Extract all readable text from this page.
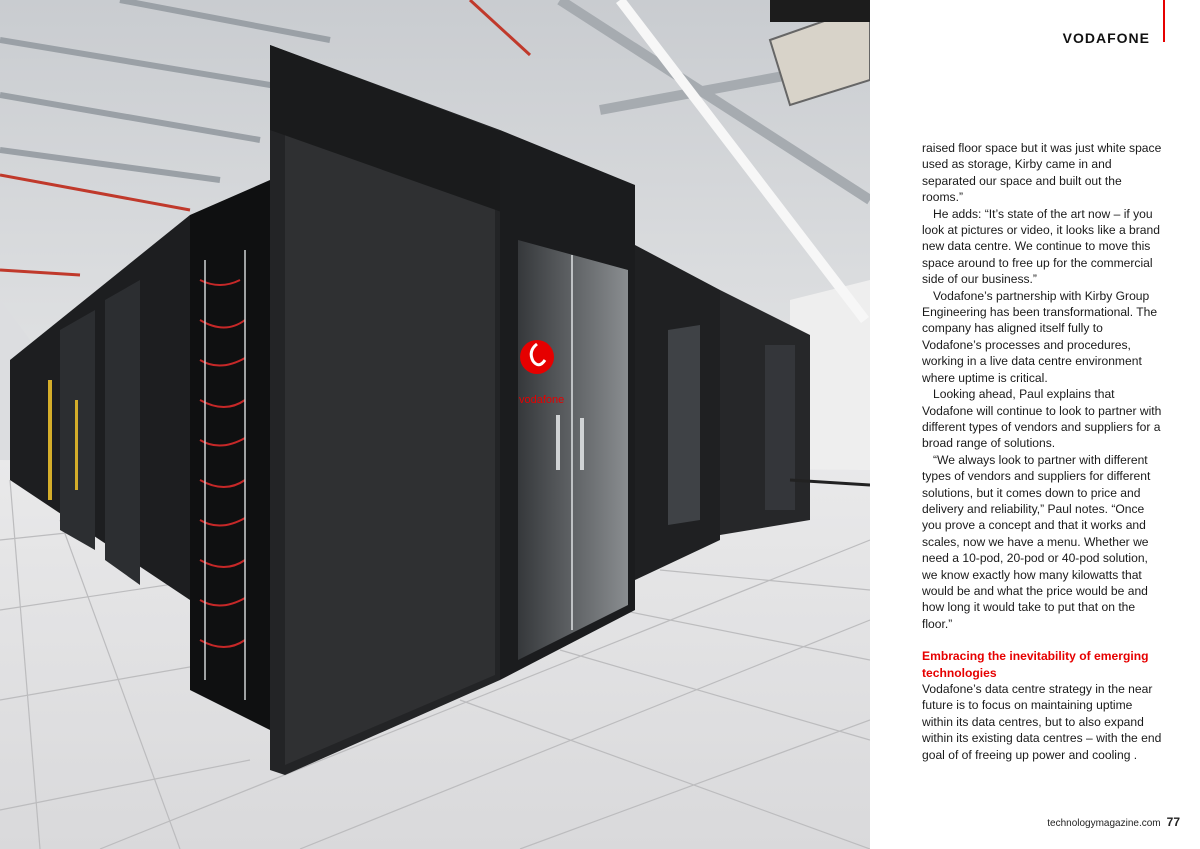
vodafone
VODAFONE

raised floor space but it was just white space used as storage, Kirby came in and separated our space and built out the rooms.”

He adds: “It’s state of the art now – if you look at pictures or video, it looks like a brand new data centre. We continue to move this space around to free up for the commercial side of our business.”

Vodafone’s partnership with Kirby Group Engineering has been transformational. The company has aligned itself fully to Vodafone’s processes and procedures, working in a live data centre environment where uptime is critical.

Looking ahead, Paul explains that Vodafone will continue to look to partner with different types of vendors and suppliers for a broad range of solutions.

“We always look to partner with different types of vendors and suppliers for different solutions, but it comes down to price and delivery and reliability,” Paul notes. “Once you prove a concept and that it works and scales, now we have a menu. Whether we need a 10-pod, 20-pod or 40-pod solution, we know exactly how many kilowatts that would be and what the price would be and how long it would take to put that on the floor.”

Embracing the inevitability of emerging technologies

Vodafone’s data centre strategy in the near future is to focus on maintaining uptime within its data centres, but to also expand within its existing data centres – with the end goal of of freeing up power and cooling .

technologymagazine.com 77
